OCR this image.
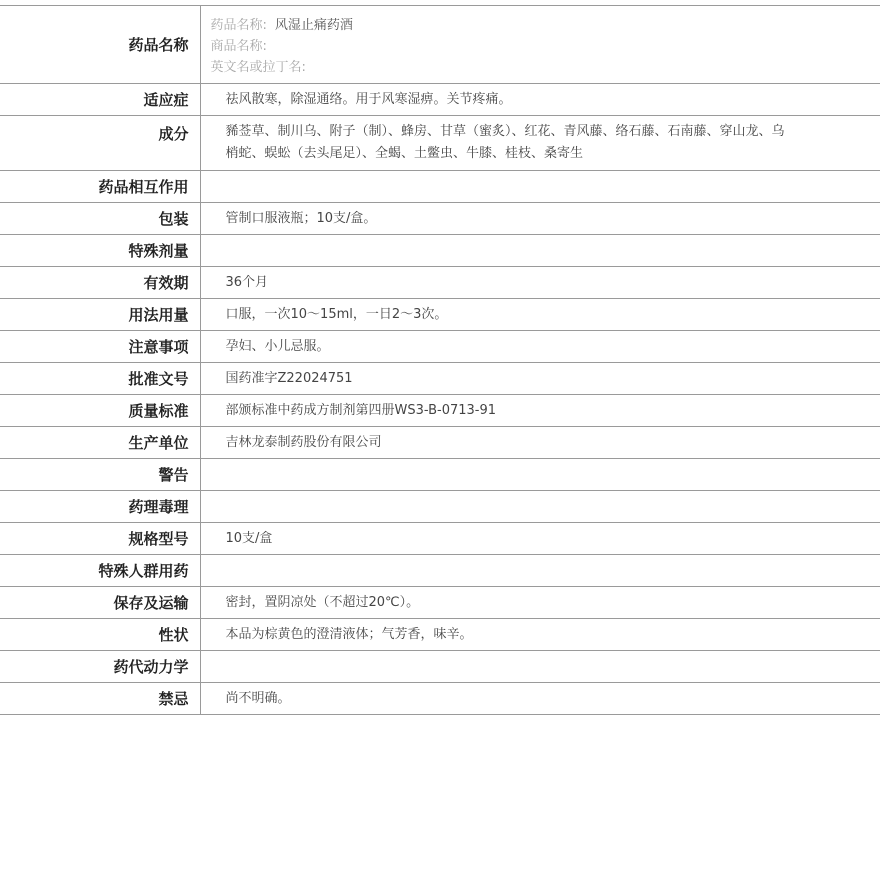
药品名称	药品名称: 风湿止痛药酒
商品名称:
英文名或拉丁名:

适应症	祛风散寒，除湿通络。用于风寒湿痹。关节疼痛。
成分	豨莶草、制川乌、附子（制）、蜂房、甘草（蜜炙）、红花、青风藤、络石藤、石南藤、穿山龙、乌梢蛇、蜈蚣（去头尾足）、全蝎、土鳖虫、牛膝、桂枝、桑寄生
药品相互作用	
包装	管制口服液瓶；10支/盒。
特殊剂量	
有效期	36个月
用法用量	口服，一次10～15ml，一日2～3次。
注意事项	孕妇、小儿忌服。
批准文号	国药准字Z22024751
质量标准	部颁标准中药成方制剂第四册WS3-B-0713-91
生产单位	吉林龙泰制药股份有限公司
警告	
药理毒理	
规格型号	10支/盒
特殊人群用药	
保存及运输	密封，置阴凉处（不超过20℃）。
性状	本品为棕黄色的澄清液体；气芳香，味辛。
药代动力学	
禁忌	尚不明确。
